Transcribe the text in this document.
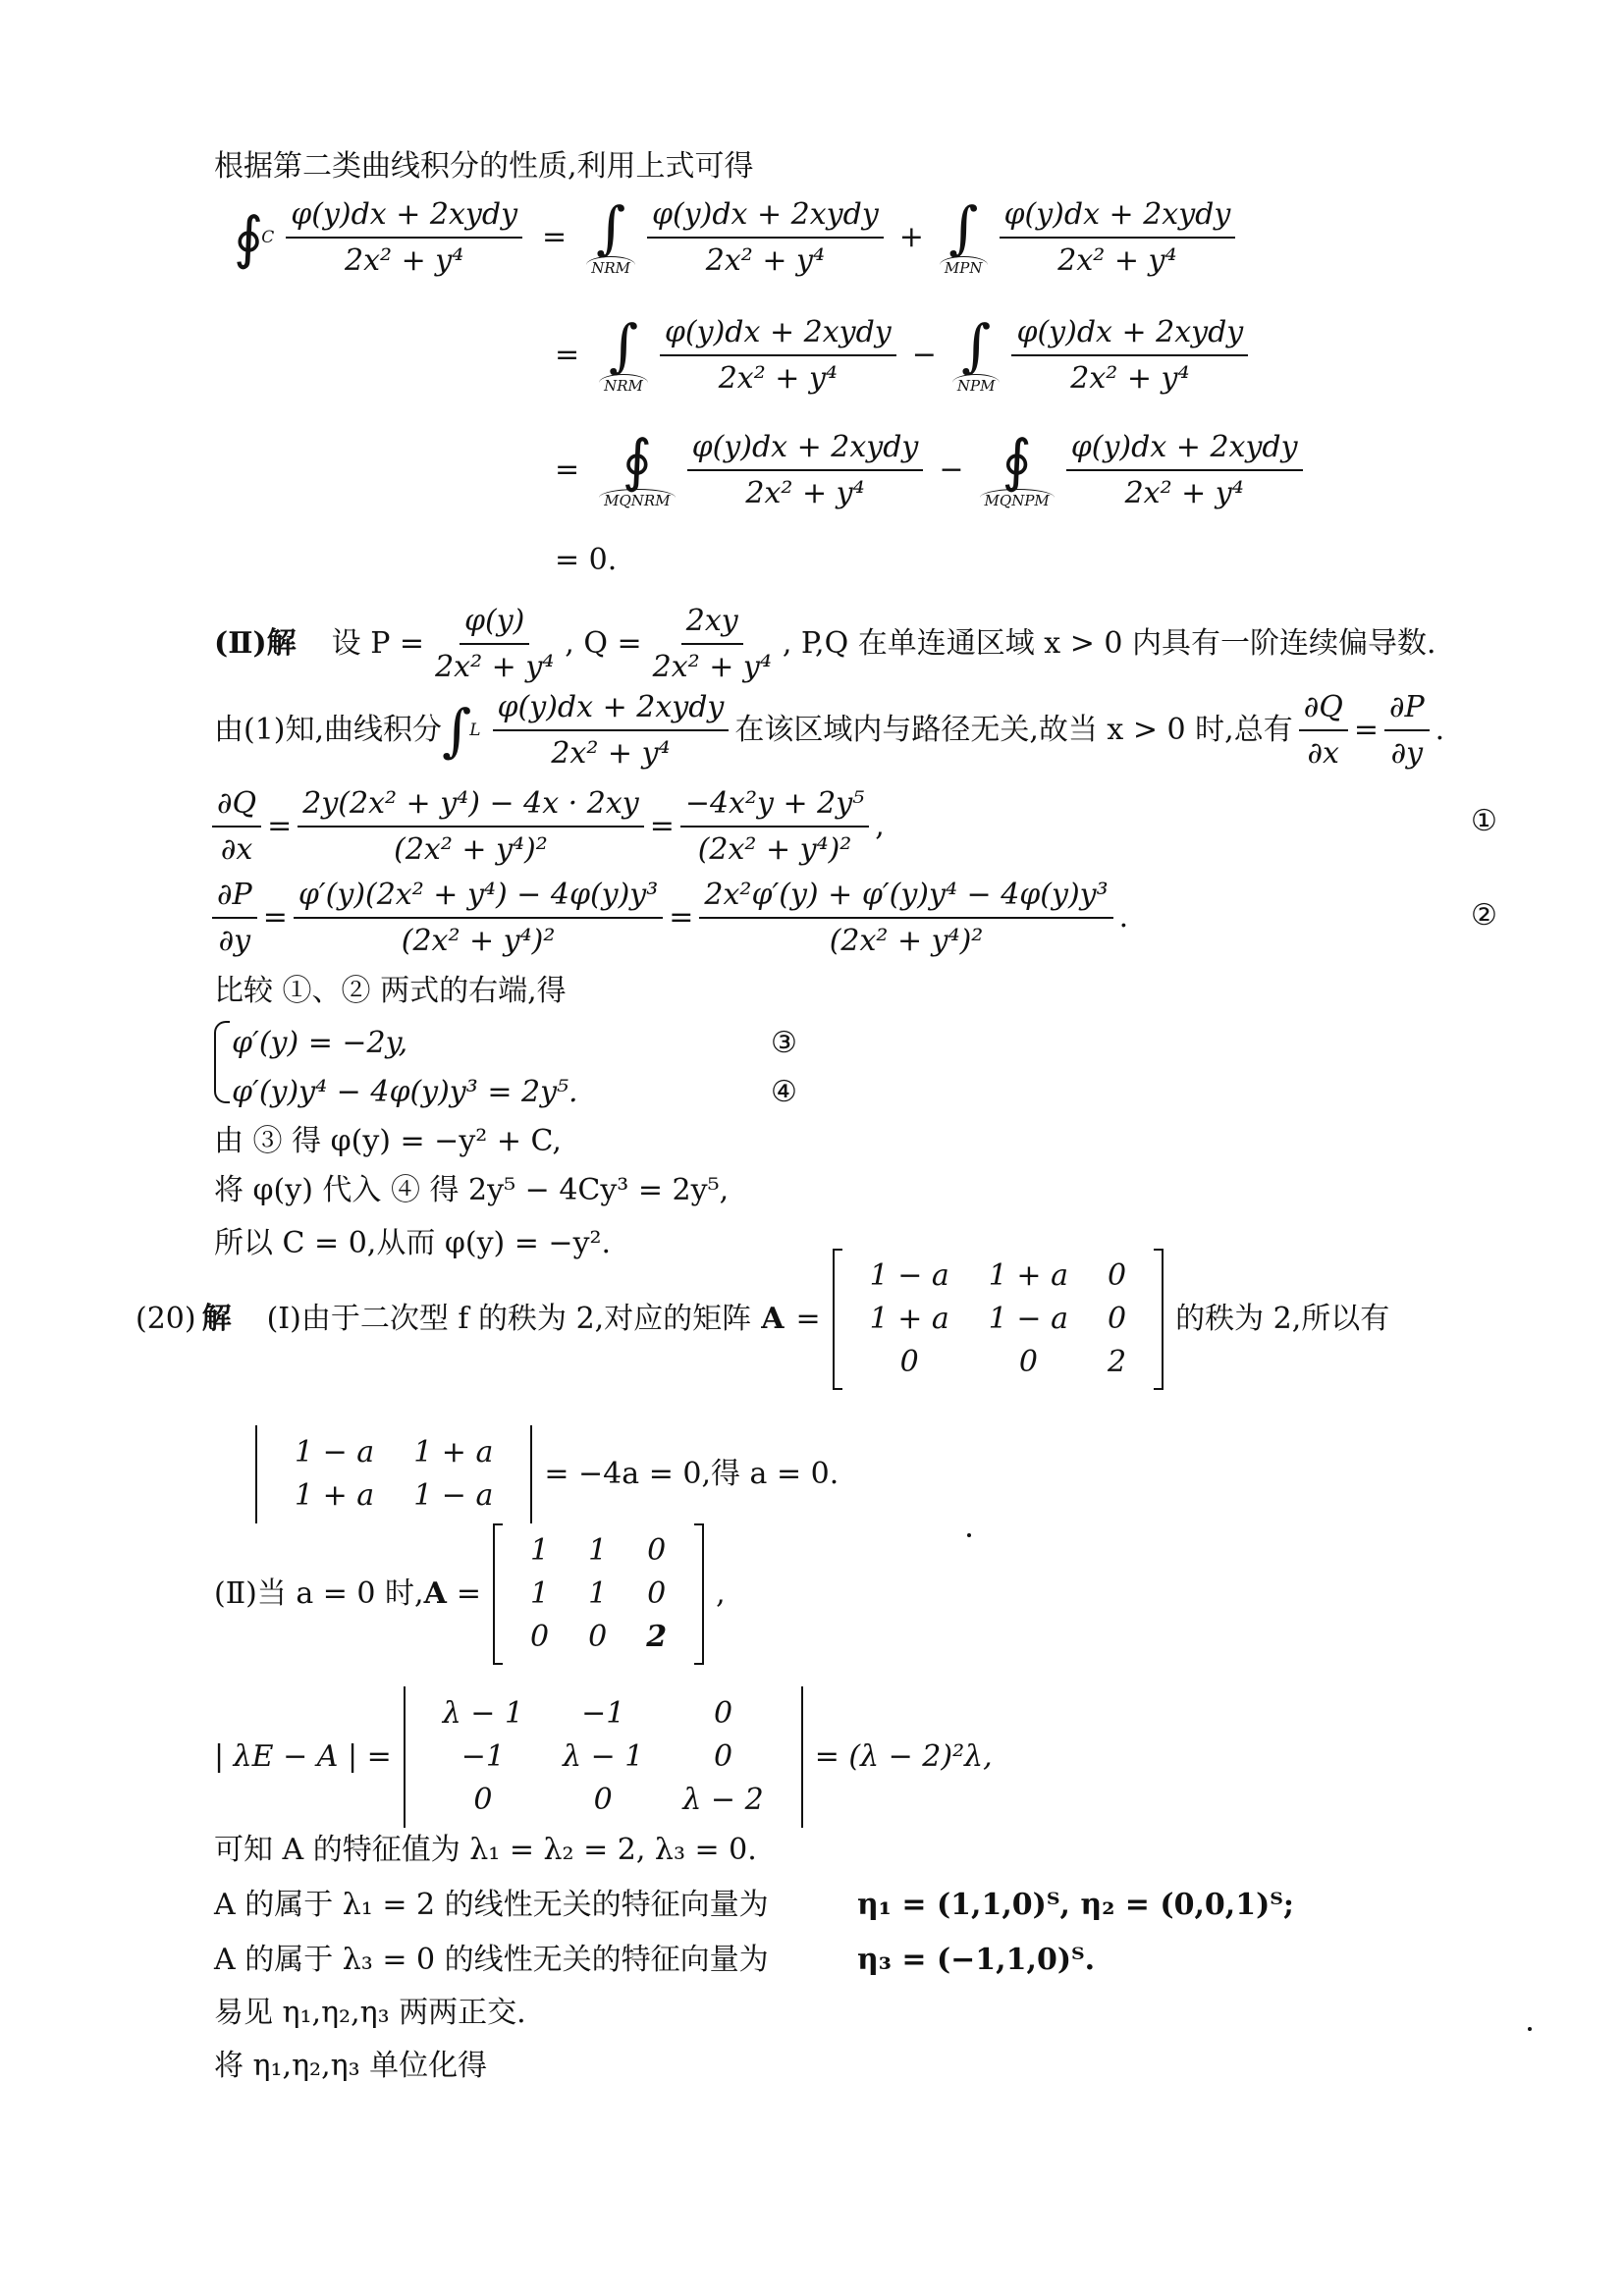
根据第二类曲线积分的性质,利用上式可得
∮
C $\frac{\text{φ(y)dx + 2xydy}}{\text{2x² + y⁴}}$ = ∫
NRM $\frac{\text{φ(y)dx + 2xydy}}{\text{2x² + y⁴}}$ + ∫
MPN $\frac{\text{φ(y)dx + 2xydy}}{\text{2x² + y⁴}}$
= ∫
NRM $\frac{\text{φ(y)dx + 2xydy}}{\text{2x² + y⁴}}$ − ∫
NPM $\frac{\text{φ(y)dx + 2xydy}}{\text{2x² + y⁴}}$
= ∮
MQNRM $\frac{\text{φ(y)dx + 2xydy}}{\text{2x² + y⁴}}$ − ∮
MQNPM $\frac{\text{φ(y)dx + 2xydy}}{\text{2x² + y⁴}}$
= 0.
(Ⅱ)解 设 $P = \frac{\varphi(y)}{\text{2x² + y⁴}}$ , $Q = \frac{2xy}{\text{2x² + y⁴}}$ , P,Q 在单连通区域 x > 0 内具有一阶连续偏导数.
由(1)知,曲线积分 ∫
L $\frac{\text{φ(y)dx + 2xydy}}{\text{2x² + y⁴}}$ 在该区域内与路径无关,故当 x > 0 时,总有 $\frac{\partial Q}{\partial x} = \frac{\partial P}{\partial y}$ .
$\frac{\partial Q}{\partial x} = \frac{\text{2y(2x² + y⁴) − 4x · 2xy}}{\text{(2x² + y⁴)²}} = \frac{\text{−4x²y + 2y⁵}}{\text{(2x² + y⁴)²}}$ ,	①
$\frac{\partial P}{\partial y} = \frac{\text{φ′(y)(2x² + y⁴) − 4φ(y)y³}}{\text{(2x² + y⁴)²}} = \frac{\text{2x²φ′(y) + φ′(y)y⁴ − 4φ(y)y³}}{\text{(2x² + y⁴)²}}$ .	②
比较 ①、② 两式的右端,得
φ′(y) = −2y,	③
φ′(y)y⁴ − 4φ(y)y³ = 2y⁵.	④
由 ③ 得 φ(y) = −y² + C,
将 φ(y) 代入 ④ 得 2y⁵ − 4Cy³ = 2y⁵,
所以 C = 0,从而 φ(y) = −y².
(20) 解 (Ⅰ)由于二次型 f 的秩为 2,对应的矩阵 A =
1 − a	1 + a	0
1 + a	1 − a	0
0	0	2
的秩为 2,所以有
1 − a	1 + a
1 + a	1 − a
= −4a = 0,得 a = 0.
(Ⅱ)当 a = 0 时, A =
1	1	0
1	1	0
0	0	2
,
| λE − A | =
λ − 1	−1	0
−1	λ − 1	0
0	0	λ − 2
= (λ − 2)²λ,
可知 A 的特征值为 λ₁ = λ₂ = 2, λ₃ = 0.
A 的属于 λ₁ = 2 的线性无关的特征向量为	η₁ = (1,1,0)ᵀ, η₂ = (0,0,1)ᵀ;
A 的属于 λ₃ = 0 的线性无关的特征向量为	η₃ = (−1,1,0)ᵀ.
易见 η₁,η₂,η₃ 两两正交.
将 η₁,η₂,η₃ 单位化得
